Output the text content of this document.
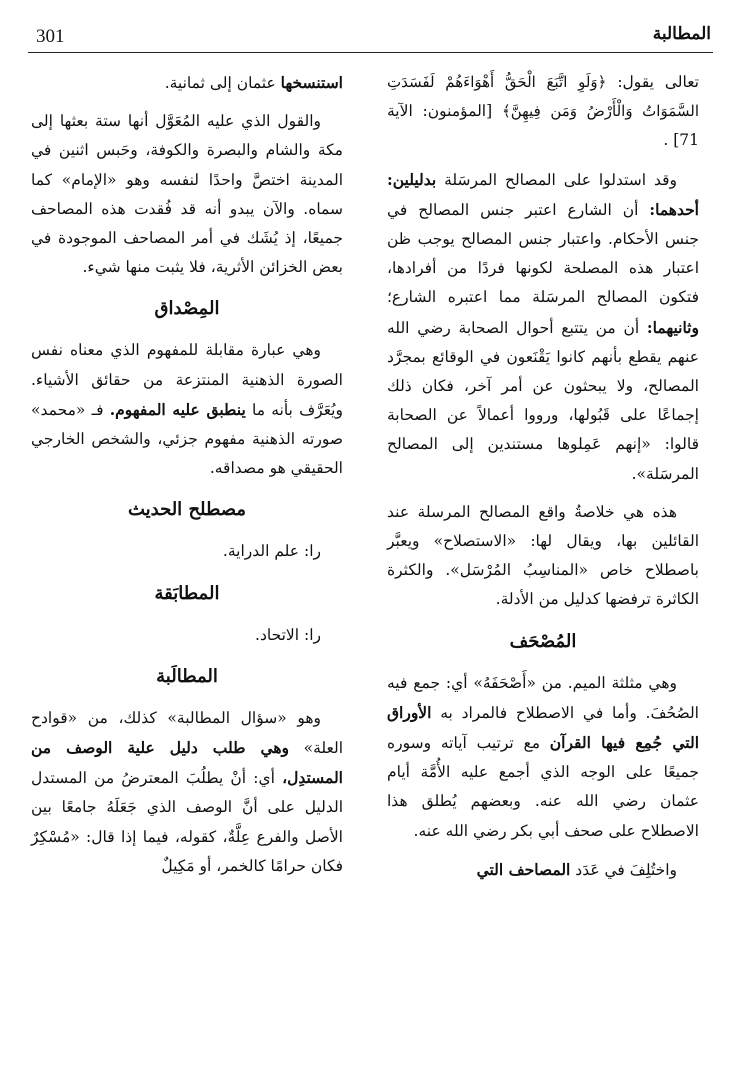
301	المطالبة

تعالى يقول: ﴿وَلَوِ اتَّبَعَ الْحَقُّ أَهْوَاءَهُمْ لَفَسَدَتِ السَّمَوَاتُ وَالْأَرْضُ وَمَن فِيهِنَّ﴾ [المؤمنون: الآية 71] .

وقد استدلوا على المصالح المرسَلة بدليلين: أحدهما: أن الشارع اعتبر جنس المصالح في جنس الأحكام. واعتبار جنس المصالح يوجب ظن اعتبار هذه المصلحة لكونها فردًا من أفرادها، فتكون المصالح المرسَلة مما اعتبره الشارع؛ وثانيهما: أن من يتتبع أحوال الصحابة رضي الله عنهم يقطع بأنهم كانوا يَقْنَعون في الوقائع بمجرَّد المصالح، ولا يبحثون عن أمر آخر، فكان ذلك إجماعًا على قَبُولها، ورووا أعمالاً عن الصحابة قالوا: «إنهم عَمِلوها مستندين إلى المصالح المرسَلة».

هذه هي خلاصةُ واقع المصالح المرسلة عند القائلين بها، ويقال لها: «الاستصلاح» ويعبَّر باصطلاح خاص «المناسِبُ المُرْسَل». والكثرة الكاثرة ترفضها كدليل من الأدلة.

المُصْحَف

وهي مثلثة الميم. من «أَصْحَفَهُ» أي: جمع فيه الصُحُفَ. وأما في الاصطلاح فالمراد به الأوراق التي جُمِع فيها القرآن مع ترتيب آياته وسوره جميعًا على الوجه الذي أجمع عليه الأُمَّة أيام عثمان رضي الله عنه. وبعضهم يُطلق هذا الاصطلاح على صحف أبي بكر رضي الله عنه.

واختُلِفَ في عَدَد المصاحف التي

استنسخها عثمان إلى ثمانية.

والقول الذي عليه المُعَوَّل أنها ستة بعثها إلى مكة والشام والبصرة والكوفة، وحَبس اثنين في المدينة اختصَّ واحدًا لنفسه وهو «الإمام» كما سماه. والآن يبدو أنه قد فُقدت هذه المصاحف جميعًا، إذ يُشَك في أمر المصاحف الموجودة في بعض الخزائن الأثرية، فلا يثبت منها شيء.

المِصْداق

وهي عبارة مقابلة للمفهوم الذي معناه نفس الصورة الذهنية المنتزعة من حقائق الأشياء. ويُعَرَّف بأنه ما ينطبق عليه المفهوم. فـ «محمد» صورته الذهنية مفهوم جزئي، والشخص الخارجي الحقيقي هو مصداقه.

مصطلح الحديث

را: علم الدراية.

المطابَقة

را: الاتحاد.

المطالَبة

وهو «سؤال المطالبة» كذلك، من «قوادح العلة» وهي طلب دليل علية الوصف من المستدِل، أي: أنْ يطلُبَ المعترضُ من المستدل الدليل على أنَّ الوصف الذي جَعَلَهُ جامعًا بين الأصل والفرع عِلَّةٌ، كقوله، فيما إذا قال: «مُسْكِرٌ فكان حرامًا كالخمر، أو مَكِيلٌ
